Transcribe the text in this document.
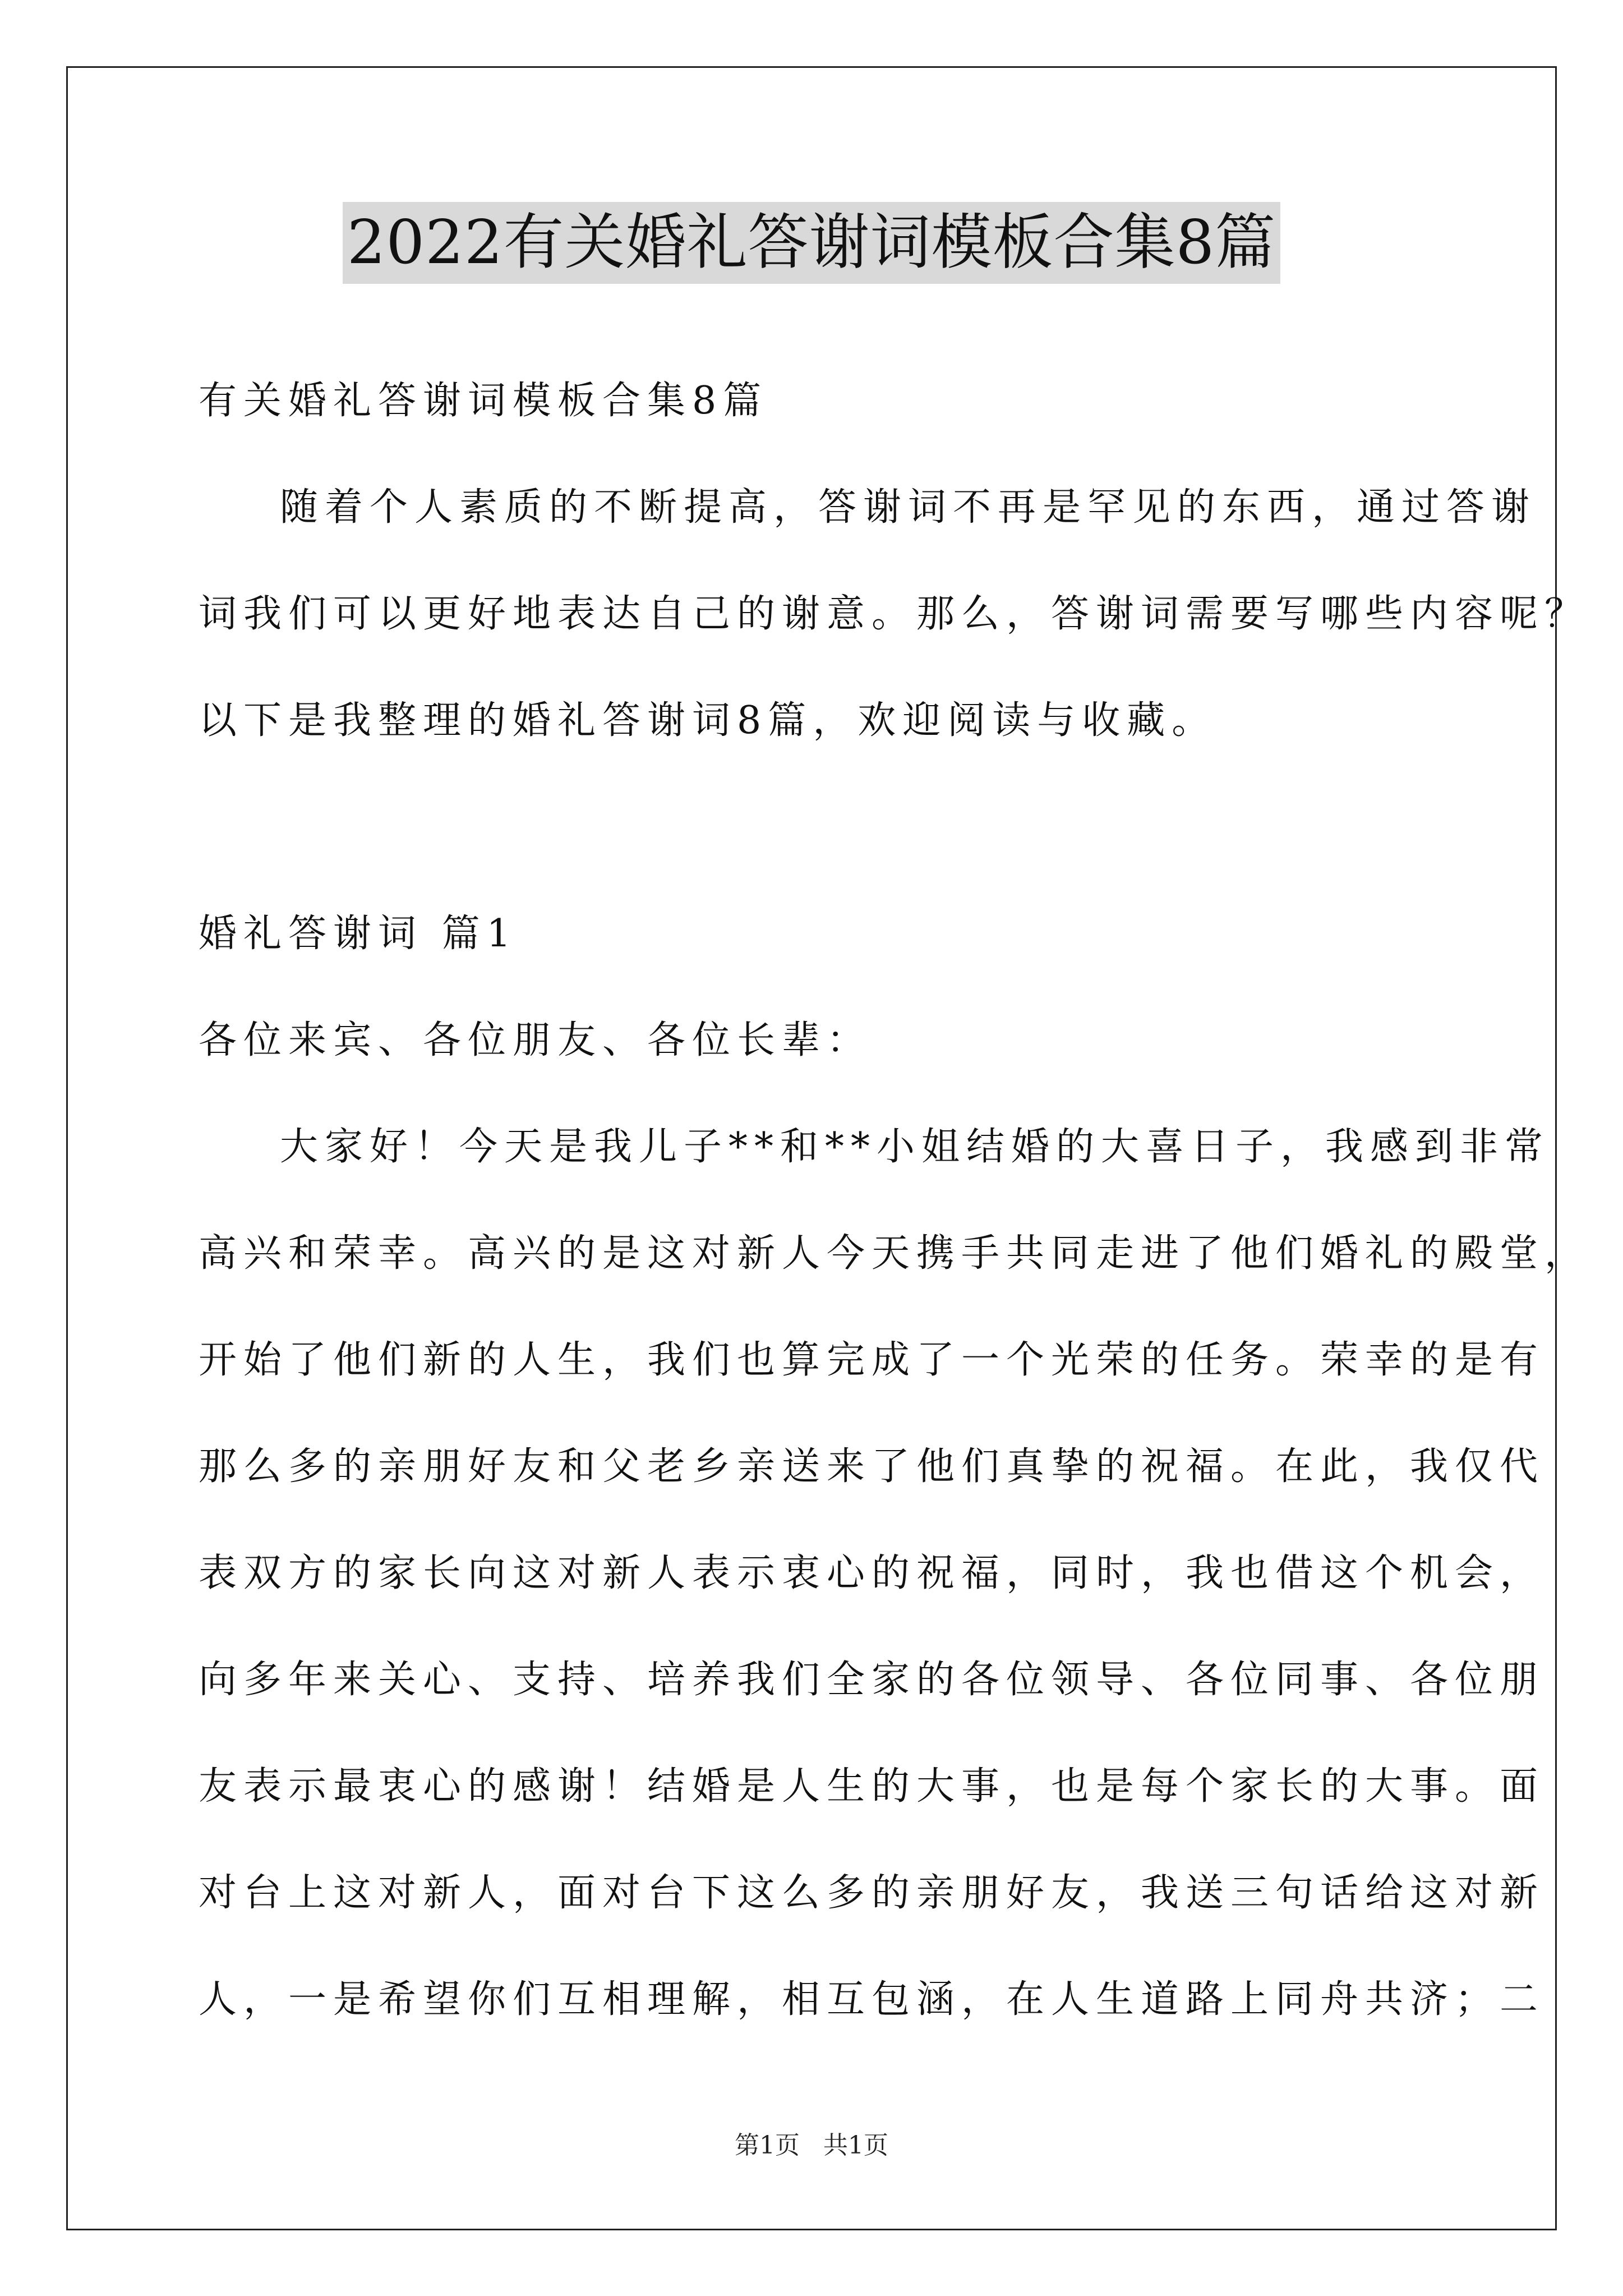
2022有关婚礼答谢词模板合集8篇
有关婚礼答谢词模板合集8篇
随着个人素质的不断提高，答谢词不再是罕见的东西，通过答谢
词我们可以更好地表达自己的谢意。那么，答谢词需要写哪些内容呢？
以下是我整理的婚礼答谢词8篇，欢迎阅读与收藏。
婚礼答谢词 篇1
各位来宾、各位朋友、各位长辈：
大家好！今天是我儿子**和**小姐结婚的大喜日子，我感到非常
高兴和荣幸。高兴的是这对新人今天携手共同走进了他们婚礼的殿堂，
开始了他们新的人生，我们也算完成了一个光荣的任务。荣幸的是有
那么多的亲朋好友和父老乡亲送来了他们真挚的祝福。在此，我仅代
表双方的家长向这对新人表示衷心的祝福，同时，我也借这个机会，
向多年来关心、支持、培养我们全家的各位领导、各位同事、各位朋
友表示最衷心的感谢！结婚是人生的大事，也是每个家长的大事。面
对台上这对新人，面对台下这么多的亲朋好友，我送三句话给这对新
人，一是希望你们互相理解，相互包涵，在人生道路上同舟共济；二
第1页 共1页
